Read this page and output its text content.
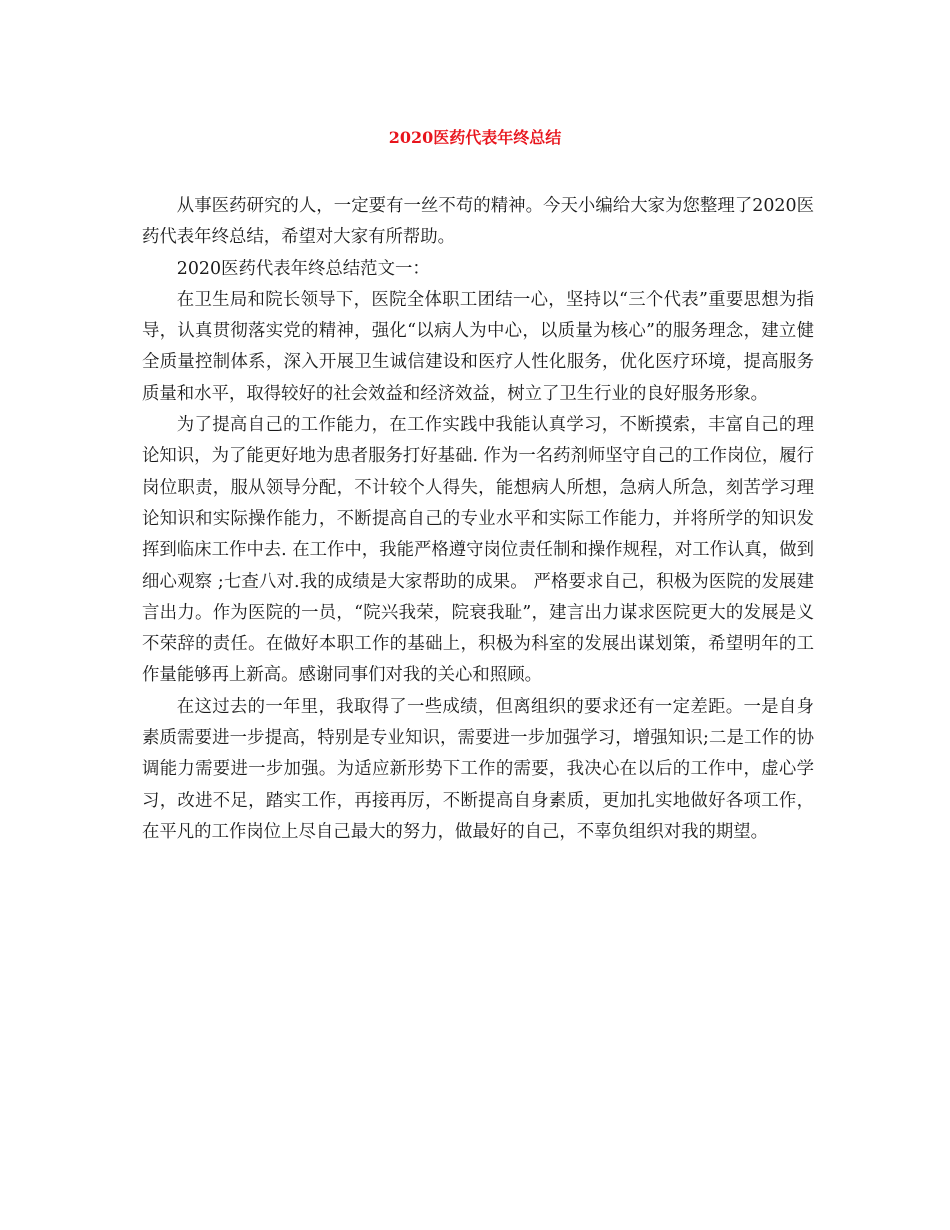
2020医药代表年终总结

从事医药研究的人，一定要有一丝不苟的精神。今天小编给大家为您整理了2020医药代表年终总结，希望对大家有所帮助。

2020医药代表年终总结范文一：

在卫生局和院长领导下，医院全体职工团结一心，坚持以“三个代表”重要思想为指导，认真贯彻落实党的精神，强化“以病人为中心，以质量为核心”的服务理念，建立健全质量控制体系，深入开展卫生诚信建设和医疗人性化服务，优化医疗环境，提高服务质量和水平，取得较好的社会效益和经济效益，树立了卫生行业的良好服务形象。

为了提高自己的工作能力，在工作实践中我能认真学习，不断摸索，丰富自己的理论知识，为了能更好地为患者服务打好基础. 作为一名药剂师坚守自己的工作岗位，履行岗位职责，服从领导分配，不计较个人得失，能想病人所想，急病人所急，刻苦学习理论知识和实际操作能力，不断提高自己的专业水平和实际工作能力，并将所学的知识发挥到临床工作中去. 在工作中，我能严格遵守岗位责任制和操作规程，对工作认真，做到细心观察 ;七查八对.我的成绩是大家帮助的成果。 严格要求自己，积极为医院的发展建言出力。作为医院的一员，“院兴我荣，院衰我耻”，建言出力谋求医院更大的发展是义不荣辞的责任。在做好本职工作的基础上，积极为科室的发展出谋划策，希望明年的工作量能够再上新高。感谢同事们对我的关心和照顾。

在这过去的一年里，我取得了一些成绩，但离组织的要求还有一定差距。一是自身素质需要进一步提高，特别是专业知识，需要进一步加强学习，增强知识;二是工作的协调能力需要进一步加强。为适应新形势下工作的需要，我决心在以后的工作中，虚心学习，改进不足，踏实工作，再接再厉，不断提高自身素质，更加扎实地做好各项工作，在平凡的工作岗位上尽自己最大的努力，做最好的自己，不辜负组织对我的期望。
